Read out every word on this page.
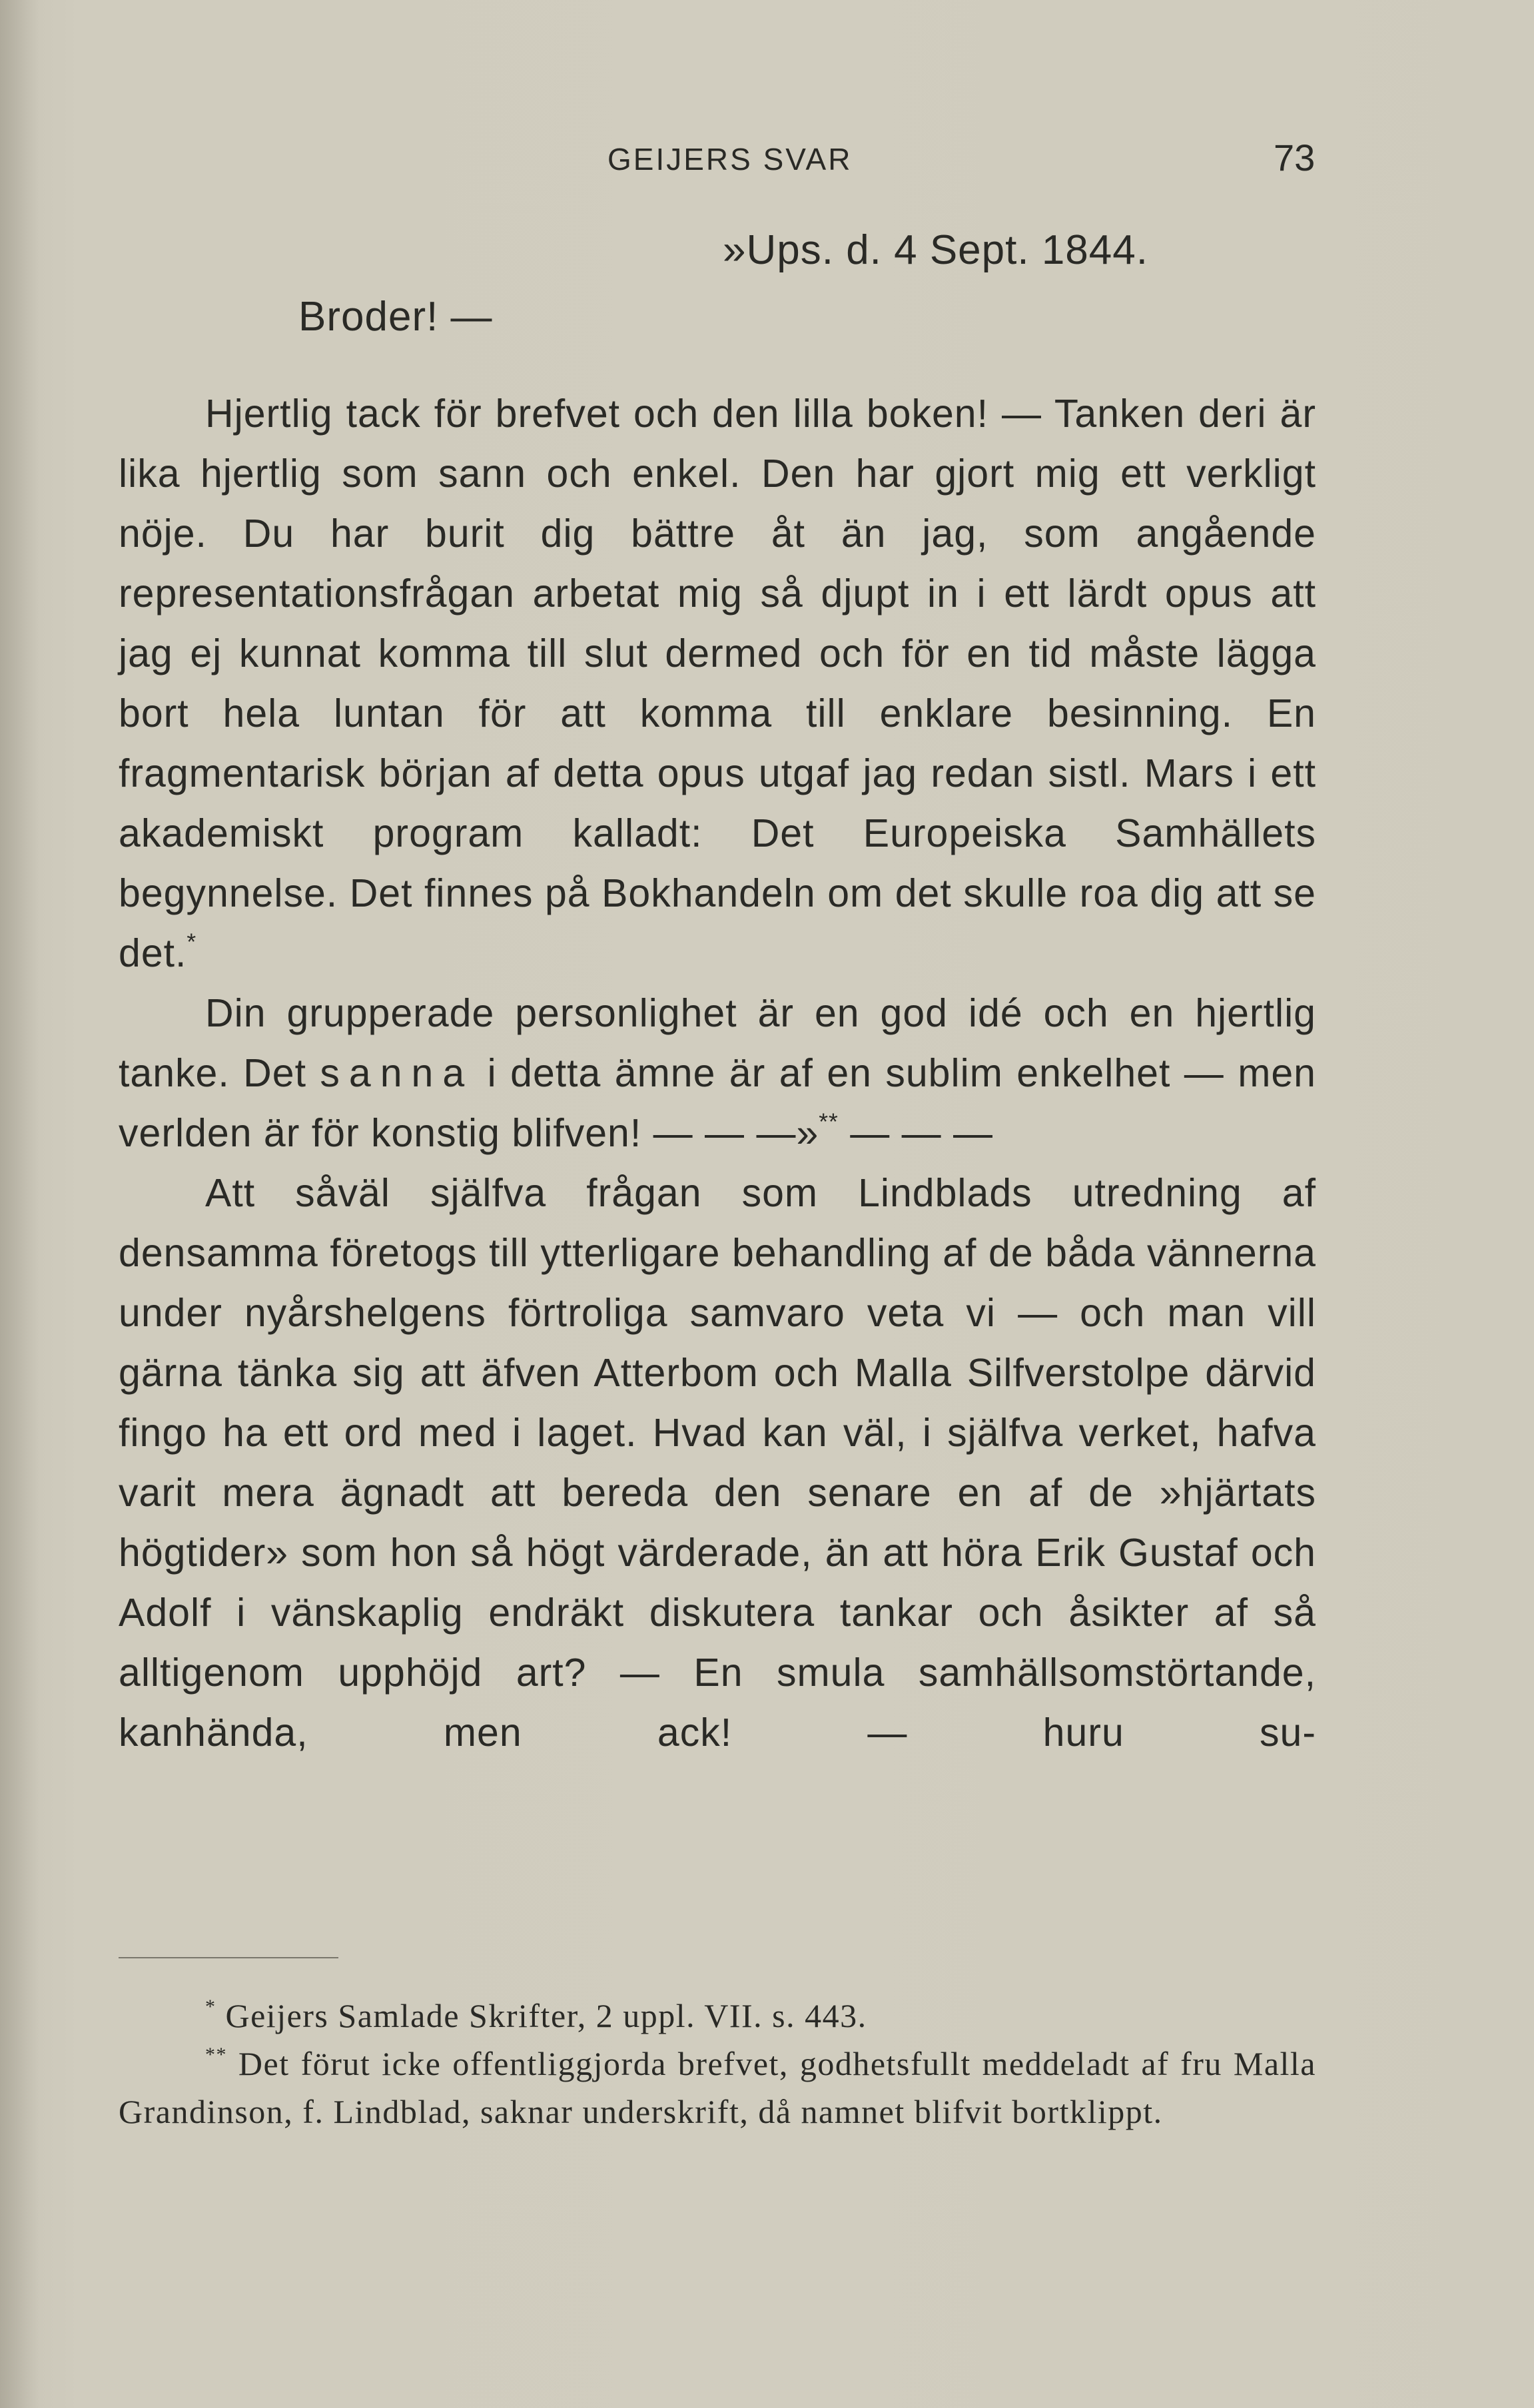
GEIJERS SVAR	73
»Ups. d. 4 Sept. 1844.
Broder! —

Hjertlig tack för brefvet och den lilla boken! — Tanken deri är lika hjertlig som sann och enkel. Den har gjort mig ett verkligt nöje. Du har burit dig bättre åt än jag, som angående representationsfrågan arbetat mig så djupt in i ett lärdt opus att jag ej kunnat komma till slut dermed och för en tid måste lägga bort hela luntan för att komma till enklare besinning. En fragmentarisk början af detta opus utgaf jag redan sistl. Mars i ett akademiskt program kalladt: Det Europeiska Samhällets begynnelse. Det finnes på Bokhandeln om det skulle roa dig att se det.*

Din grupperade personlighet är en god idé och en hjertlig tanke. Det sanna i detta ämne är af en sublim enkelhet — men verlden är för konstig blifven! — — —»** — — —

Att såväl själfva frågan som Lindblads utredning af densamma företogs till ytterligare behandling af de båda vännerna under nyårshelgens förtroliga samvaro veta vi — och man vill gärna tänka sig att äfven Atterbom och Malla Silfverstolpe därvid fingo ha ett ord med i laget. Hvad kan väl, i själfva verket, hafva varit mera ägnadt att bereda den senare en af de »hjärtats högtider» som hon så högt värderade, än att höra Erik Gustaf och Adolf i vänskaplig endräkt diskutera tankar och åsikter af så alltigenom upphöjd art? — En smula samhällsomstörtande, kanhända, men ack! — huru su-

* Geijers Samlade Skrifter, 2 uppl. VII. s. 443.

** Det förut icke offentliggjorda brefvet, godhetsfullt meddeladt af fru Malla Grandinson, f. Lindblad, saknar underskrift, då namnet blifvit bortklippt.
